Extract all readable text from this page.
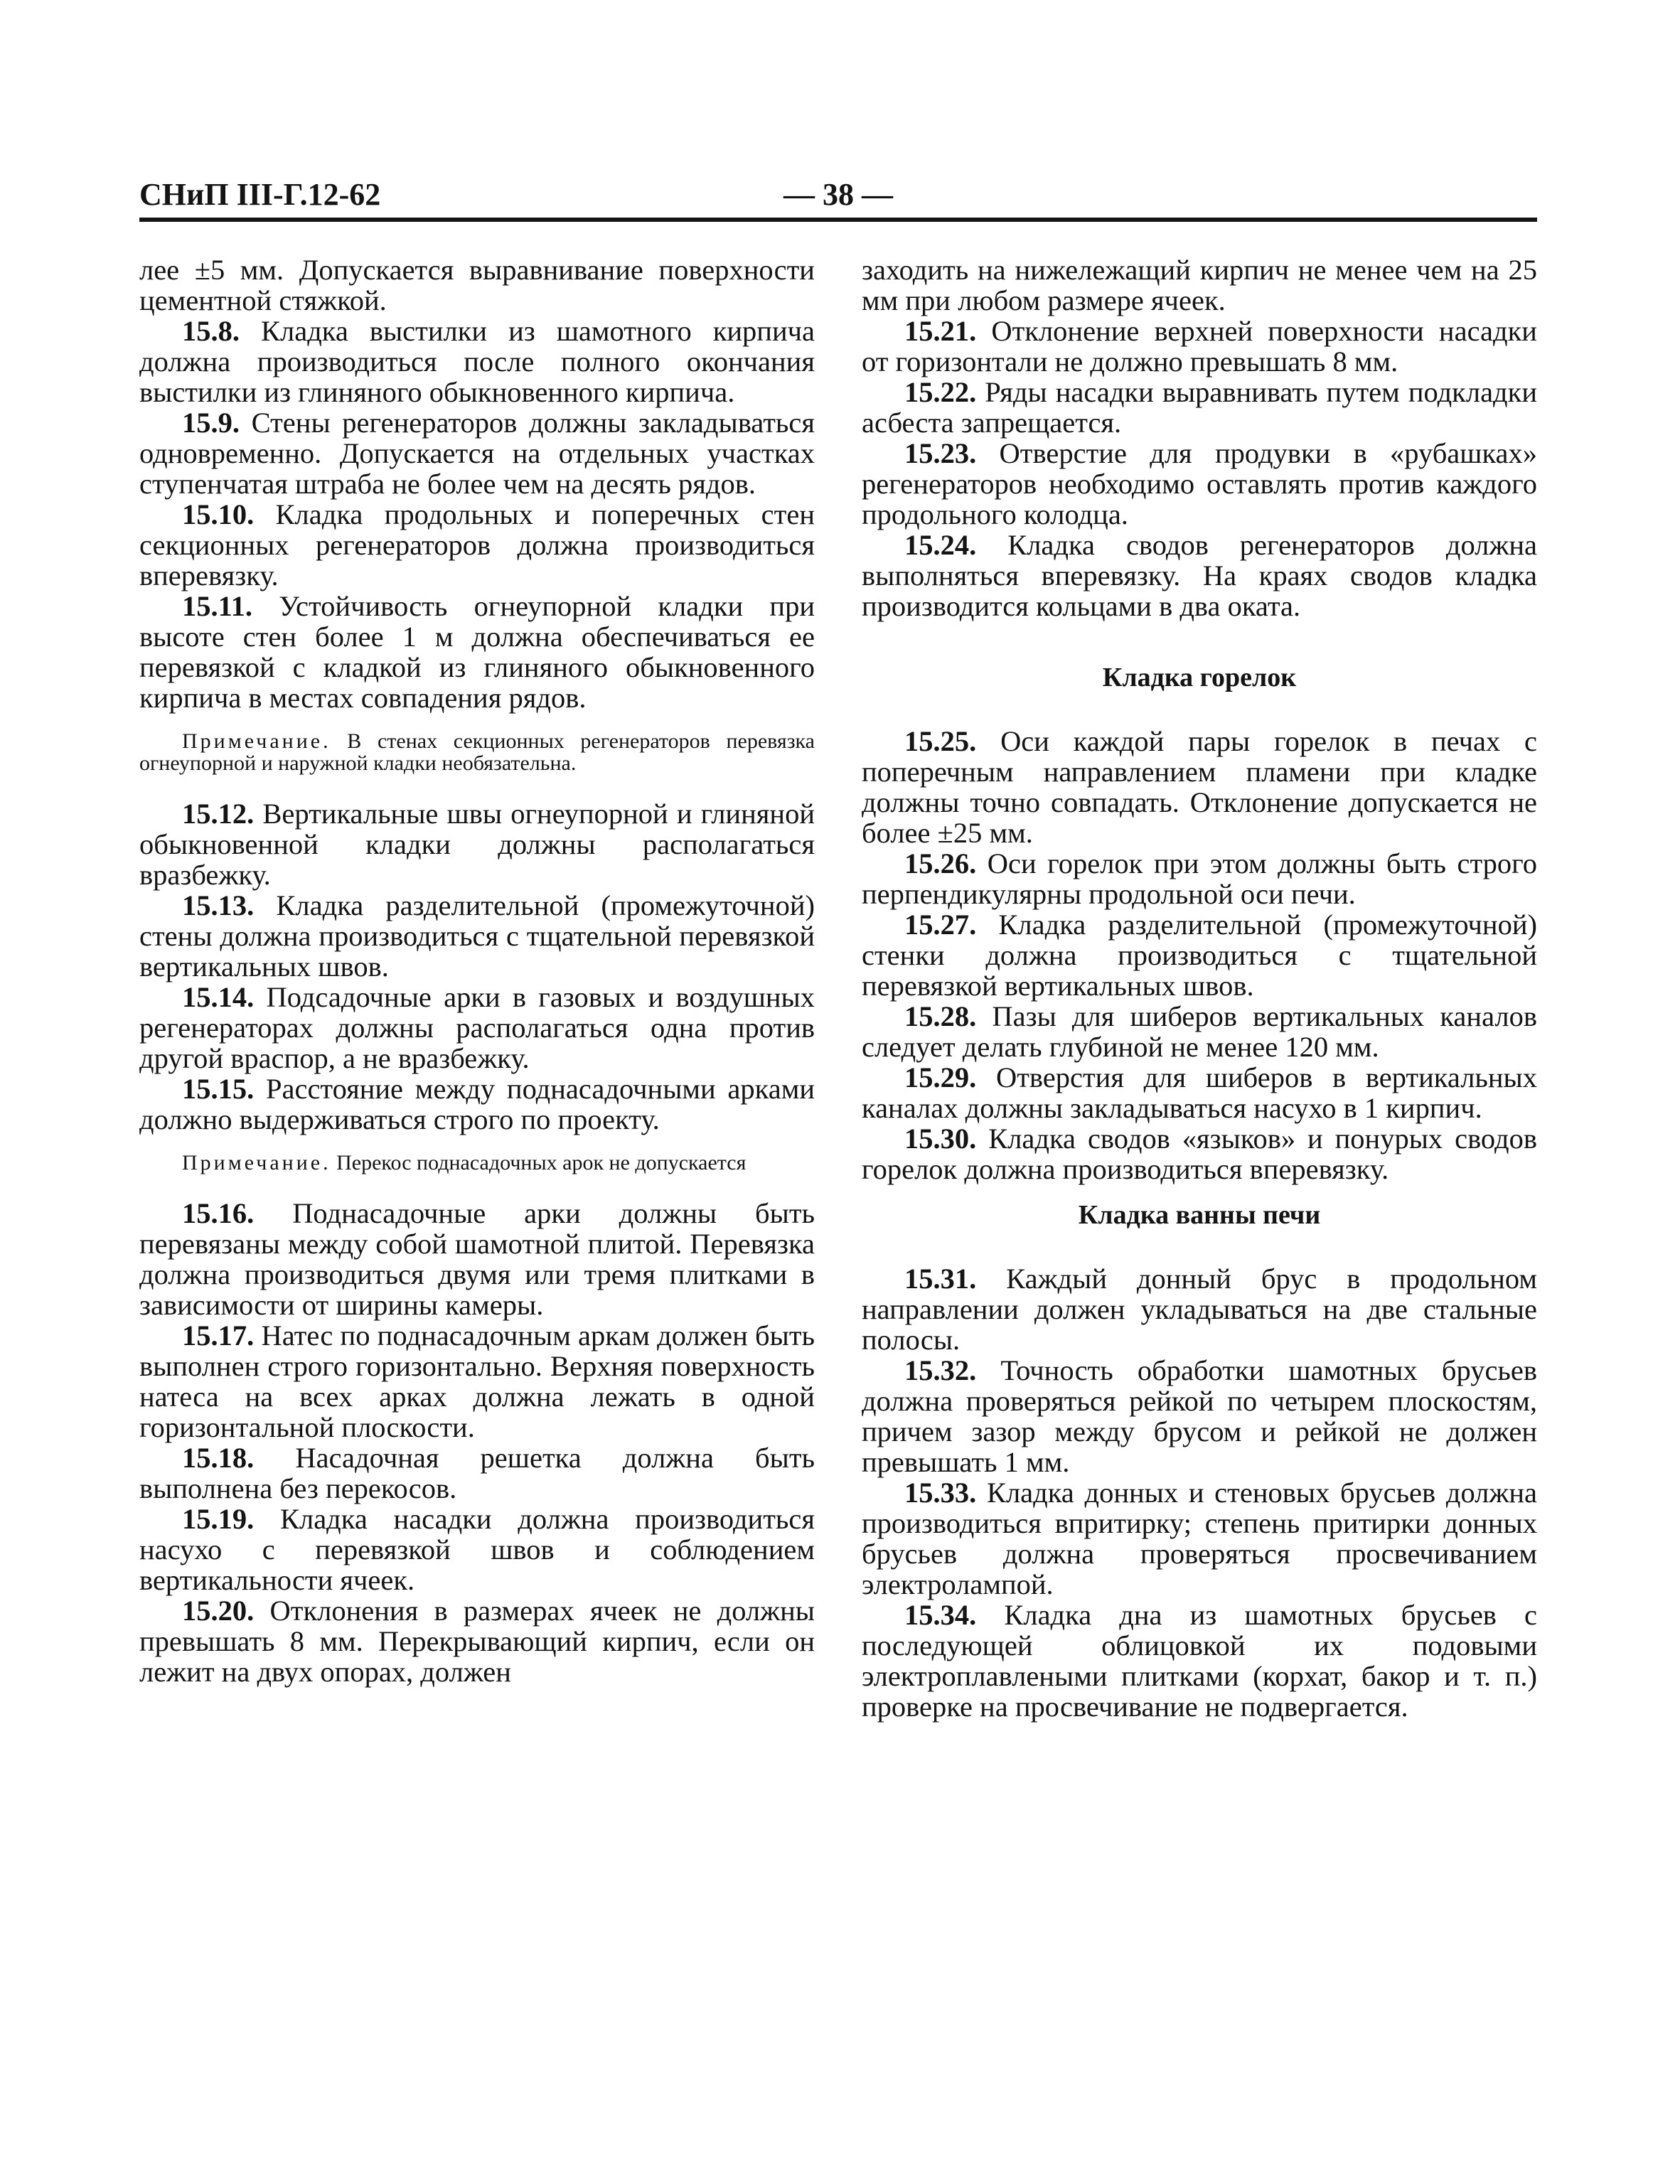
СНиП III-Г.12-62	— 38 —

лее ±5 мм. Допускается выравнивание поверхности цементной стяжкой.

15.8. Кладка выстилки из шамотного кирпича должна производиться после полного окончания выстилки из глиняного обыкновенного кирпича.

15.9. Стены регенераторов должны закладываться одновременно. Допускается на отдельных участках ступенчатая штраба не более чем на десять рядов.

15.10. Кладка продольных и поперечных стен секционных регенераторов должна производиться вперевязку.

15.11. Устойчивость огнеупорной кладки при высоте стен более 1 м должна обеспечиваться ее перевязкой с кладкой из глиняного обыкновенного кирпича в местах совпадения рядов.

Примечание. В стенах секционных регенераторов перевязка огнеупорной и наружной кладки необязательна.

15.12. Вертикальные швы огнеупорной и глиняной обыкновенной кладки должны располагаться вразбежку.

15.13. Кладка разделительной (промежуточной) стены должна производиться с тщательной перевязкой вертикальных швов.

15.14. Подсадочные арки в газовых и воздушных регенераторах должны располагаться одна против другой враспор, а не вразбежку.

15.15. Расстояние между поднасадочными арками должно выдерживаться строго по проекту.

Примечание. Перекос поднасадочных арок не допускается

15.16. Поднасадочные арки должны быть перевязаны между собой шамотной плитой. Перевязка должна производиться двумя или тремя плитками в зависимости от ширины камеры.

15.17. Натес по поднасадочным аркам должен быть выполнен строго горизонтально. Верхняя поверхность натеса на всех арках должна лежать в одной горизонтальной плоскости.

15.18. Насадочная решетка должна быть выполнена без перекосов.

15.19. Кладка насадки должна производиться насухо с перевязкой швов и соблюдением вертикальности ячеек.

15.20. Отклонения в размерах ячеек не должны превышать 8 мм. Перекрывающий кирпич, если он лежит на двух опорах, должен

заходить на нижележащий кирпич не менее чем на 25 мм при любом размере ячеек.

15.21. Отклонение верхней поверхности насадки от горизонтали не должно превышать 8 мм.

15.22. Ряды насадки выравнивать путем подкладки асбеста запрещается.

15.23. Отверстие для продувки в «рубашках» регенераторов необходимо оставлять против каждого продольного колодца.

15.24. Кладка сводов регенераторов должна выполняться вперевязку. На краях сводов кладка производится кольцами в два оката.

Кладка горелок

15.25. Оси каждой пары горелок в печах с поперечным направлением пламени при кладке должны точно совпадать. Отклонение допускается не более ±25 мм.

15.26. Оси горелок при этом должны быть строго перпендикулярны продольной оси печи.

15.27. Кладка разделительной (промежуточной) стенки должна производиться с тщательной перевязкой вертикальных швов.

15.28. Пазы для шиберов вертикальных каналов следует делать глубиной не менее 120 мм.

15.29. Отверстия для шиберов в вертикальных каналах должны закладываться насухо в 1 кирпич.

15.30. Кладка сводов «языков» и понурых сводов горелок должна производиться вперевязку.

Кладка ванны печи

15.31. Каждый донный брус в продольном направлении должен укладываться на две стальные полосы.

15.32. Точность обработки шамотных брусьев должна проверяться рейкой по четырем плоскостям, причем зазор между брусом и рейкой не должен превышать 1 мм.

15.33. Кладка донных и стеновых брусьев должна производиться впритирку; степень притирки донных брусьев должна проверяться просвечиванием электролампой.

15.34. Кладка дна из шамотных брусьев с последующей облицовкой их подовыми электроплавлеными плитками (корхат, бакор и т. п.) проверке на просвечивание не подвергается.
